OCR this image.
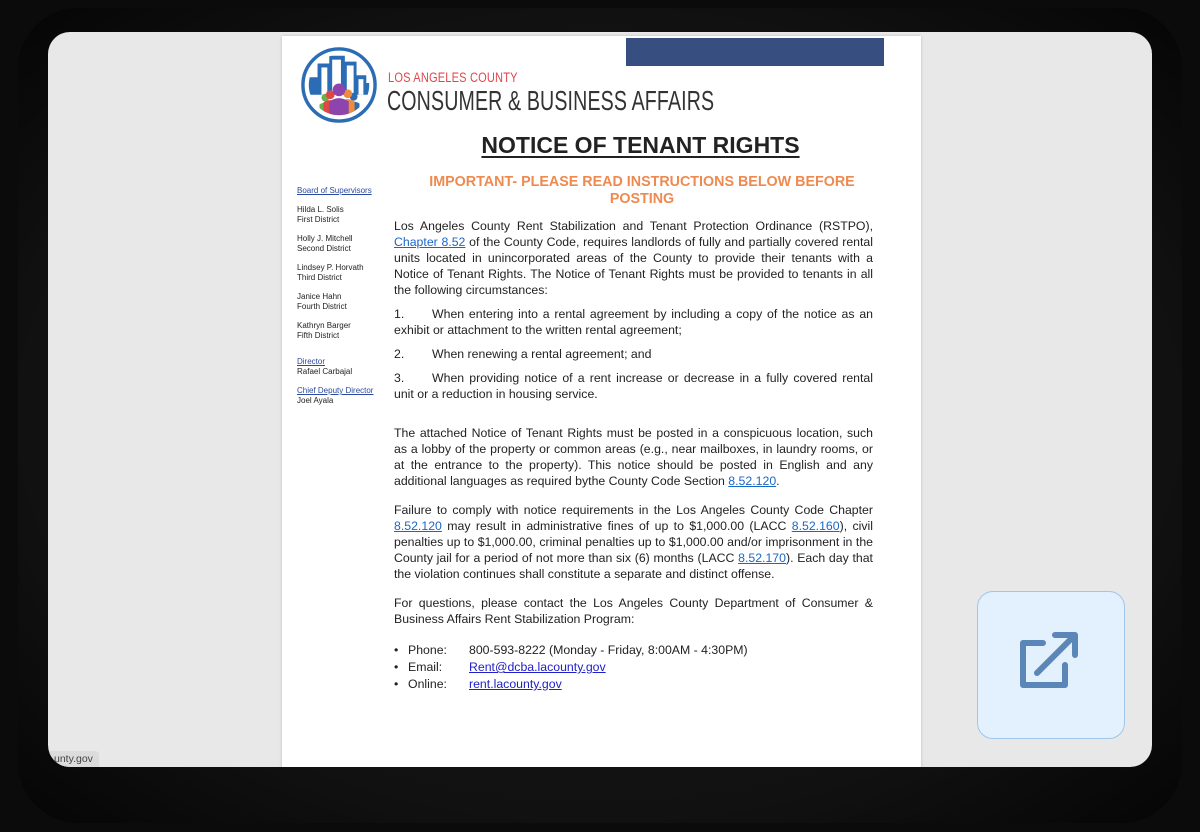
LOS ANGELES COUNTY
CONSUMER & BUSINESS AFFAIRS
NOTICE OF TENANT RIGHTS
IMPORTANT- PLEASE READ INSTRUCTIONS BELOW BEFORE POSTING
Board of Supervisors
Hilda L. Solis
First District
Holly J. Mitchell
Second District
Lindsey P. Horvath
Third District
Janice Hahn
Fourth District
Kathryn Barger
Fifth District
Director
Rafael Carbajal
Chief Deputy Director
Joel Ayala

Los Angeles County Rent Stabilization and Tenant Protection Ordinance (RSTPO), Chapter 8.52 of the County Code, requires landlords of fully and partially covered rental units located in unincorporated areas of the County to provide their tenants with a Notice of Tenant Rights. The Notice of Tenant Rights must be provided to tenants in all the following circumstances:

1. When entering into a rental agreement by including a copy of the notice as an exhibit or attachment to the written rental agreement;

2. When renewing a rental agreement; and

3. When providing notice of a rent increase or decrease in a fully covered rental unit or a reduction in housing service.

The attached Notice of Tenant Rights must be posted in a conspicuous location, such as a lobby of the property or common areas (e.g., near mailboxes, in laundry rooms, or at the entrance to the property). This notice should be posted in English and any additional languages as required bythe County Code Section 8.52.120.

Failure to comply with notice requirements in the Los Angeles County Code Chapter 8.52.120 may result in administrative fines of up to $1,000.00 (LACC 8.52.160), civil penalties up to $1,000.00, criminal penalties up to $1,000.00 and/or imprisonment in the County jail for a period of not more than six (6) months (LACC 8.52.170). Each day that the violation continues shall constitute a separate and distinct offense.

For questions, please contact the Los Angeles County Department of Consumer & Business Affairs Rent Stabilization Program:

• Phone: 800-593-8222 (Monday - Friday, 8:00AM - 4:30PM)
• Email: Rent@dcba.lacounty.gov
• Online: rent.lacounty.gov
unty.gov
